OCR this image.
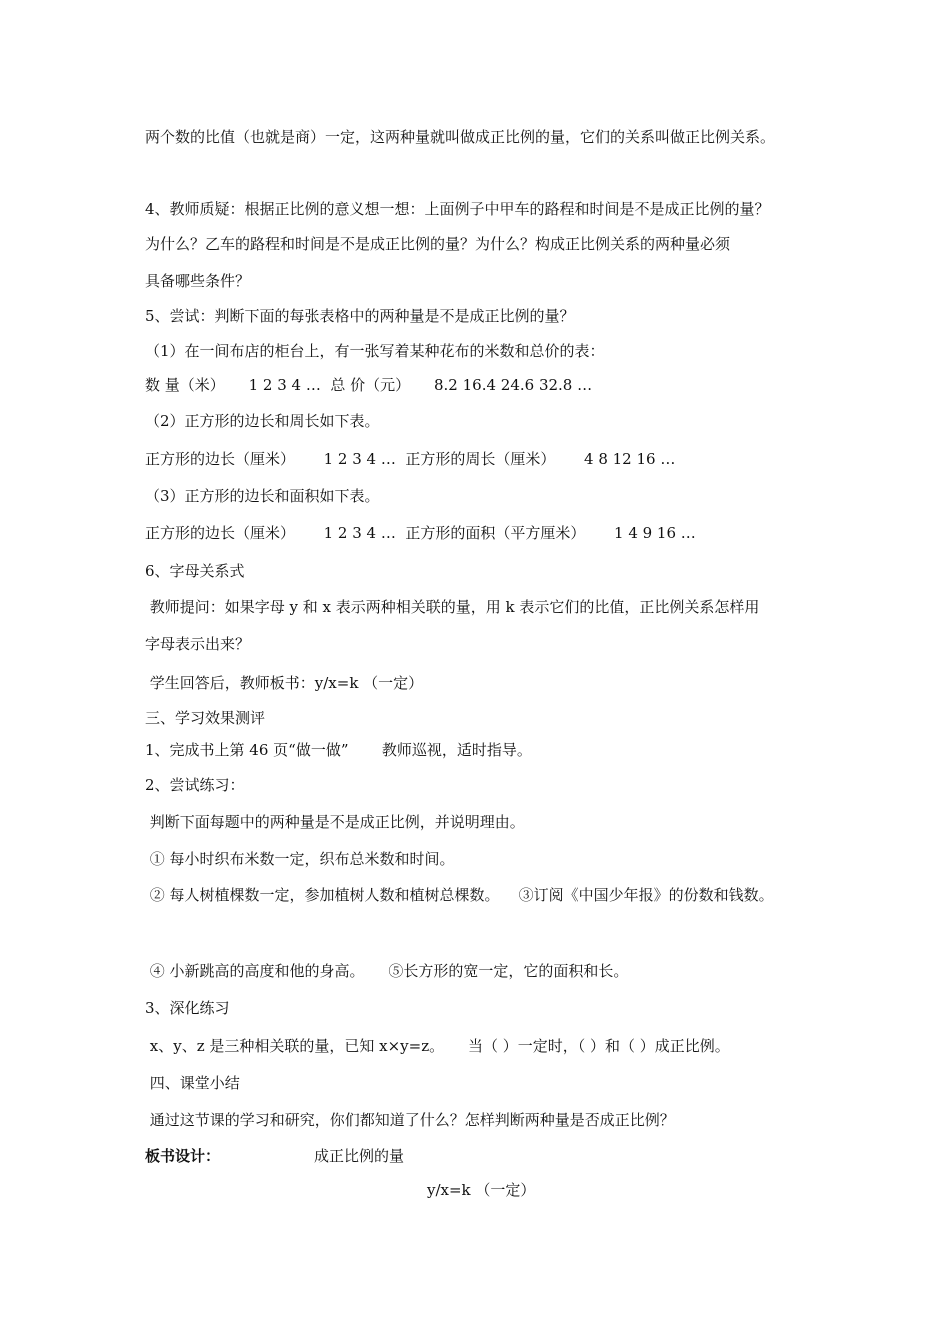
两个数的比值（也就是商）一定，这两种量就叫做成正比例的量，它们的关系叫做正比例关系。
4、教师质疑：根据正比例的意义想一想：上面例子中甲车的路程和时间是不是成正比例的量？
为什么？乙车的路程和时间是不是成正比例的量？为什么？构成正比例关系的两种量必须
具备哪些条件？
5、尝试：判断下面的每张表格中的两种量是不是成正比例的量？
（1）在一间布店的柜台上，有一张写着某种花布的米数和总价的表：
数 量（米）     1 2 3 4 …  总 价（元）     8.2 16.4 24.6 32.8 …
（2）正方形的边长和周长如下表。
正方形的边长（厘米）      1 2 3 4 …  正方形的周长（厘米）      4 8 12 16 …
（3）正方形的边长和面积如下表。
正方形的边长（厘米）      1 2 3 4 …  正方形的面积（平方厘米）      1 4 9 16 …
6、字母关系式
教师提问：如果字母 y 和 x 表示两种相关联的量，用 k 表示它们的比值，正比例关系怎样用
字母表示出来？
学生回答后，教师板书：y/x=k （一定）
三、学习效果测评
1、完成书上第 46 页“做一做”       教师巡视，适时指导。
2、尝试练习：
判断下面每题中的两种量是不是成正比例，并说明理由。
① 每小时织布米数一定，织布总米数和时间。
② 每人树植棵数一定，参加植树人数和植树总棵数。    ③订阅《中国少年报》的份数和钱数。
④ 小新跳高的高度和他的身高。     ⑤长方形的宽一定，它的面积和长。
3、深化练习
x、y、z 是三种相关联的量，已知 x×y=z。     当（ ）一定时，（ ）和（ ）成正比例。
四、课堂小结
通过这节课的学习和研究，你们都知道了什么？怎样判断两种量是否成正比例？
板书设计：	成正比例的量
y/x=k （一定）
